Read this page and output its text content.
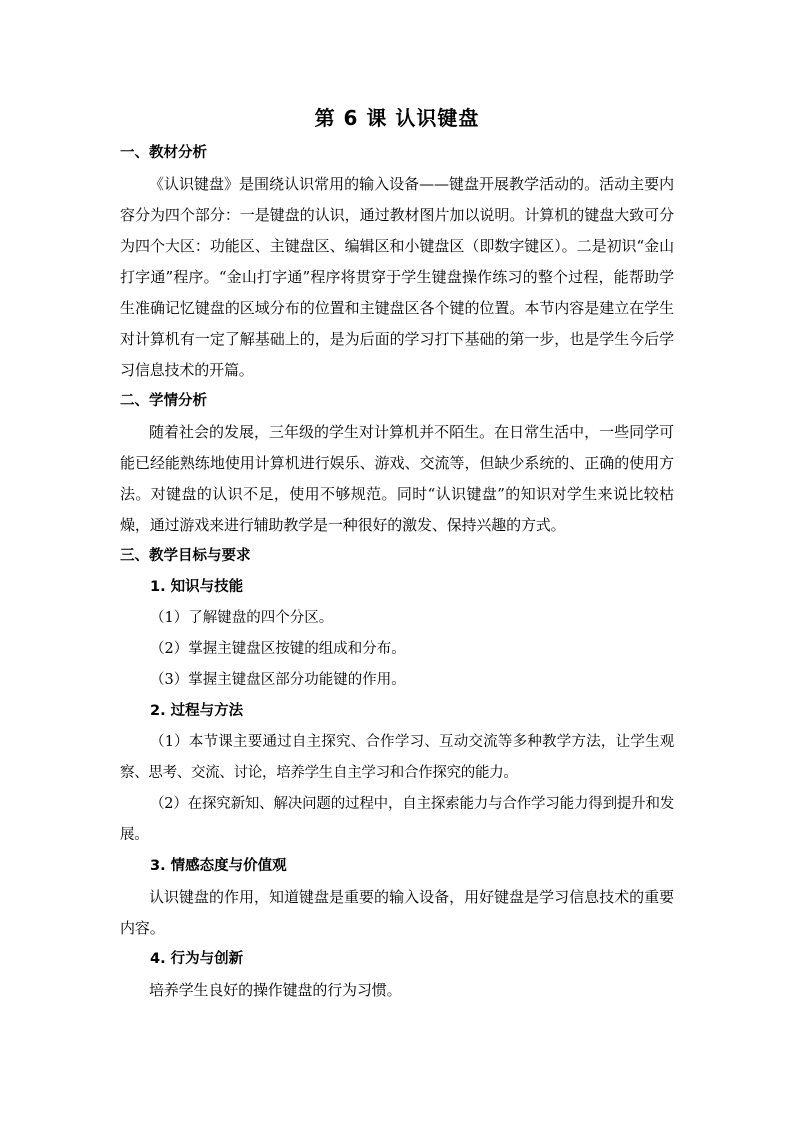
第 6 课 认识键盘
一、教材分析

《认识键盘》是围绕认识常用的输入设备——键盘开展教学活动的。活动主要内容分为四个部分：一是键盘的认识，通过教材图片加以说明。计算机的键盘大致可分为四个大区：功能区、主键盘区、编辑区和小键盘区（即数字键区）。二是初识“金山打字通”程序。“金山打字通”程序将贯穿于学生键盘操作练习的整个过程，能帮助学生准确记忆键盘的区域分布的位置和主键盘区各个键的位置。本节内容是建立在学生对计算机有一定了解基础上的，是为后面的学习打下基础的第一步，也是学生今后学习信息技术的开篇。

二、学情分析

随着社会的发展，三年级的学生对计算机并不陌生。在日常生活中，一些同学可能已经能熟练地使用计算机进行娱乐、游戏、交流等，但缺少系统的、正确的使用方法。对键盘的认识不足，使用不够规范。同时“认识键盘”的知识对学生来说比较枯燥，通过游戏来进行辅助教学是一种很好的激发、保持兴趣的方式。

三、教学目标与要求
1. 知识与技能
（1）了解键盘的四个分区。
（2）掌握主键盘区按键的组成和分布。
（3）掌握主键盘区部分功能键的作用。
2. 过程与方法

（1）本节课主要通过自主探究、合作学习、互动交流等多种教学方法，让学生观察、思考、交流、讨论，培养学生自主学习和合作探究的能力。

（2）在探究新知、解决问题的过程中，自主探索能力与合作学习能力得到提升和发展。

3. 情感态度与价值观

认识键盘的作用，知道键盘是重要的输入设备，用好键盘是学习信息技术的重要内容。

4. 行为与创新

培养学生良好的操作键盘的行为习惯。
